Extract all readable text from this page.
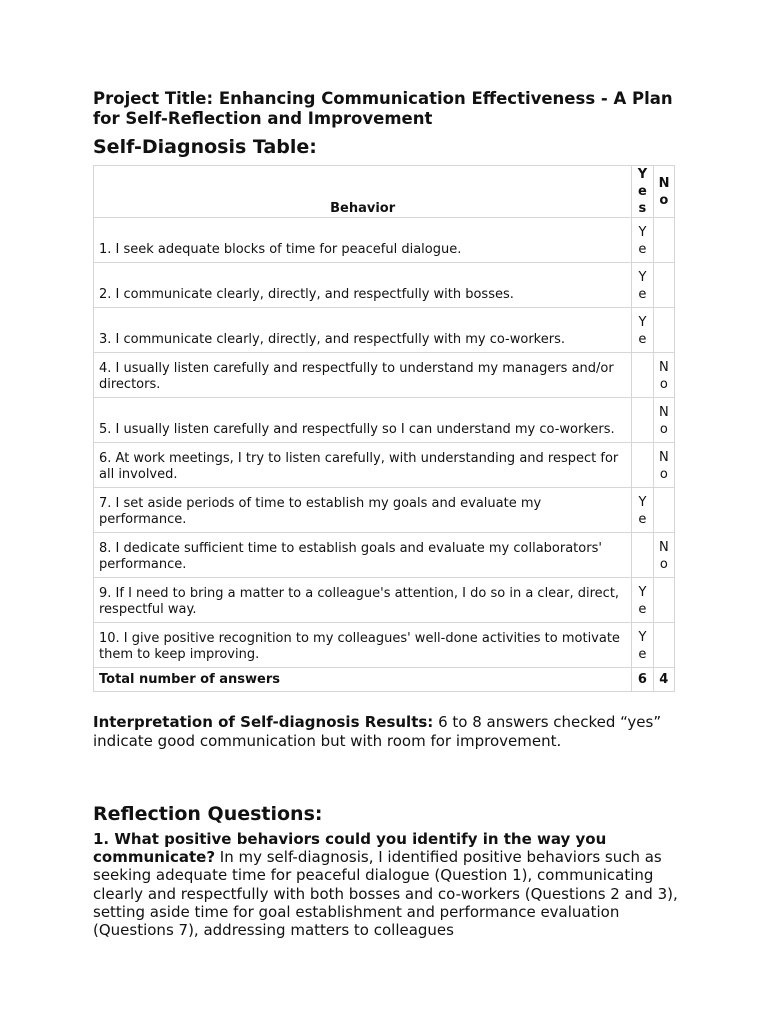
Project Title: Enhancing Communication Effectiveness - A Plan for Self-Reflection and Improvement

Self-Diagnosis Table:
Behavior	Y
e
s	N
o

1. I seek adequate blocks of time for peaceful dialogue.	Y
e	

2. I communicate clearly, directly, and respectfully with bosses.	Y
e	

3. I communicate clearly, directly, and respectfully with my co-workers.	Y
e	

4. I usually listen carefully and respectfully to understand my managers and/or directors.		N
o

5. I usually listen carefully and respectfully so I can understand my co-workers.		N
o

6. At work meetings, I try to listen carefully, with understanding and respect for all involved.		N
o

7. I set aside periods of time to establish my goals and evaluate my performance.	Y
e	

8. I dedicate sufficient time to establish goals and evaluate my collaborators' performance.		N
o

9. If I need to bring a matter to a colleague's attention, I do so in a clear, direct, respectful way.	Y
e	

10. I give positive recognition to my colleagues' well-done activities to motivate them to keep improving.	Y
e	

Total number of answers	6	4
Interpretation of Self-diagnosis Results: 6 to 8 answers checked “yes” indicate good communication but with room for improvement.
Reflection Questions:

1. What positive behaviors could you identify in the way you communicate? In my self-diagnosis, I identified positive behaviors such as seeking adequate time for peaceful dialogue (Question 1), communicating clearly and respectfully with both bosses and co-workers (Questions 2 and 3), setting aside time for goal establishment and performance evaluation (Questions 7), addressing matters to colleagues
